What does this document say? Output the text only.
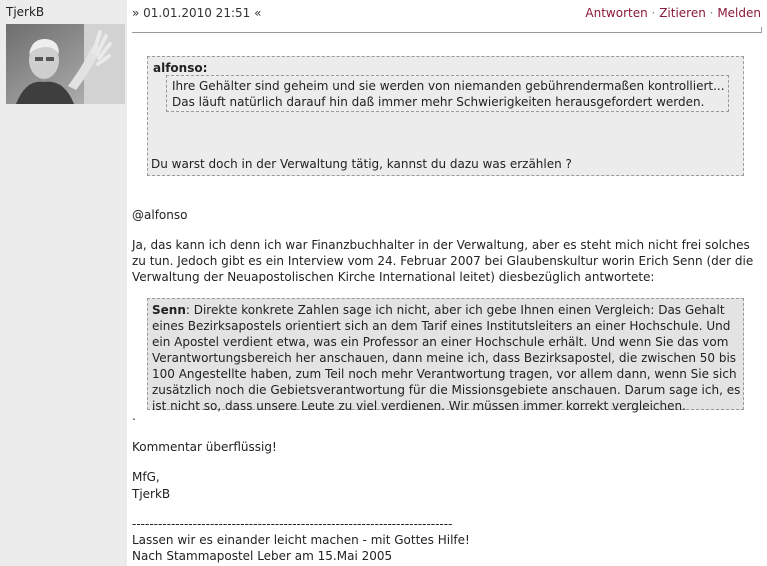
TjerkB	» 01.01.2010 21:51 «	Antworten · Zitieren · Melden
alfonso:
Ihre Gehälter sind geheim und sie werden von niemanden gebührendermaßen kontrolliert...
Das läuft natürlich darauf hin daß immer mehr Schwierigkeiten herausgefordert werden.
Du warst doch in der Verwaltung tätig, kannst du dazu was erzählen ?
@alfonso
Ja, das kann ich denn ich war Finanzbuchhalter in der Verwaltung, aber es steht mich nicht frei solches
zu tun. Jedoch gibt es ein Interview vom 24. Februar 2007 bei Glaubenskultur worin Erich Senn (der die
Verwaltung der Neuapostolischen Kirche International leitet) diesbezüglich antwortete:
Senn: Direkte konkrete Zahlen sage ich nicht, aber ich gebe Ihnen einen Vergleich: Das Gehalt
eines Bezirksapostels orientiert sich an dem Tarif eines Institutsleiters an einer Hochschule. Und
ein Apostel verdient etwa, was ein Professor an einer Hochschule erhält. Und wenn Sie das vom
Verantwortungsbereich her anschauen, dann meine ich, dass Bezirksapostel, die zwischen 50 bis
100 Angestellte haben, zum Teil noch mehr Verantwortung tragen, vor allem dann, wenn Sie sich
zusätzlich noch die Gebietsverantwortung für die Missionsgebiete anschauen. Darum sage ich, es
ist nicht so, dass unsere Leute zu viel verdienen. Wir müssen immer korrekt vergleichen.
.
Kommentar überflüssig!
MfG,
TjerkB
--------------------------------------------------------------------------
Lassen wir es einander leicht machen - mit Gottes Hilfe!
Nach Stammapostel Leber am 15.Mai 2005
